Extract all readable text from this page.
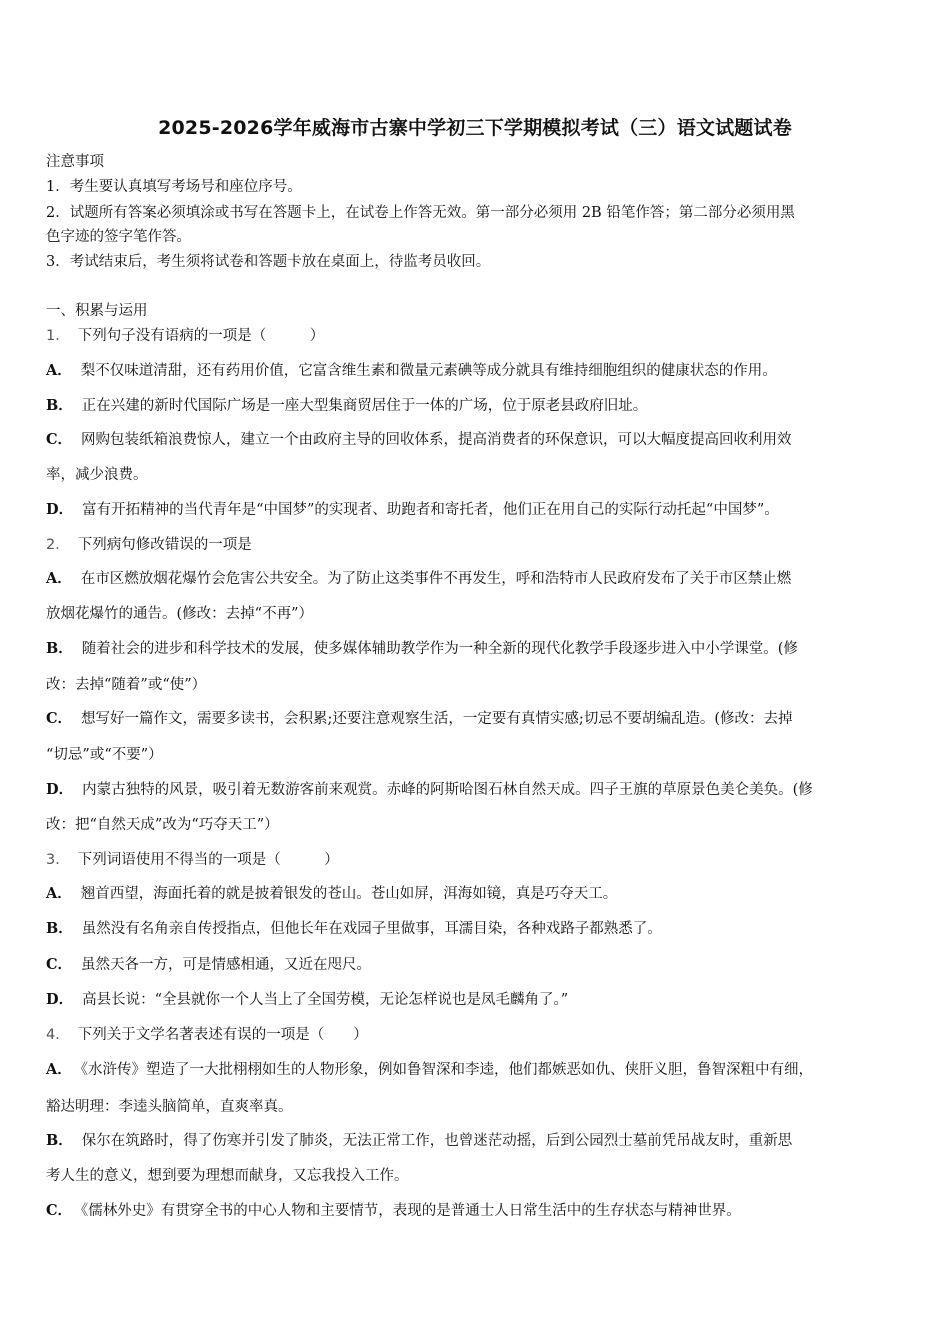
2025-2026学年威海市古寨中学初三下学期模拟考试（三）语文试题试卷
注意事项
1．考生要认真填写考场号和座位序号。
2．试题所有答案必须填涂或书写在答题卡上，在试卷上作答无效。第一部分必须用 2B 铅笔作答；第二部分必须用黑
色字迹的签字笔作答。
3．考试结束后，考生须将试卷和答题卡放在桌面上，待监考员收回。
一、积累与运用
1． 下列句子没有语病的一项是（　　　）
A． 梨不仅味道清甜，还有药用价值，它富含维生素和微量元素碘等成分就具有维持细胞组织的健康状态的作用。
B． 正在兴建的新时代国际广场是一座大型集商贸居住于一体的广场，位于原老县政府旧址。
C． 网购包装纸箱浪费惊人，建立一个由政府主导的回收体系，提高消费者的环保意识，可以大幅度提高回收利用效
率，减少浪费。
D． 富有开拓精神的当代青年是“中国梦”的实现者、助跑者和寄托者，他们正在用自己的实际行动托起“中国梦”。
2． 下列病句修改错误的一项是
A． 在市区燃放烟花爆竹会危害公共安全。为了防止这类事件不再发生，呼和浩特市人民政府发布了关于市区禁止燃
放烟花爆竹的通告。(修改：去掉“不再”）
B． 随着社会的进步和科学技术的发展，使多媒体辅助教学作为一种全新的现代化教学手段逐步进入中小学课堂。(修
改：去掉“随着”或“使”）
C． 想写好一篇作文，需要多读书，会积累;还要注意观察生活，一定要有真情实感;切忌不要胡编乱造。(修改：去掉
“切忌”或“不要”）
D． 内蒙古独特的风景，吸引着无数游客前来观赏。赤峰的阿斯哈图石林自然天成。四子王旗的草原景色美仑美奂。(修
改：把“自然天成”改为“巧夺天工”）
3． 下列词语使用不得当的一项是（　　　）
A． 翘首西望，海面托着的就是披着银发的苍山。苍山如屏，洱海如镜，真是巧夺天工。
B． 虽然没有名角亲自传授指点，但他长年在戏园子里做事，耳濡目染，各种戏路子都熟悉了。
C． 虽然天各一方，可是情感相通，又近在咫尺。
D． 高县长说：“全县就你一个人当上了全国劳模，无论怎样说也是凤毛麟角了。”
4． 下列关于文学名著表述有误的一项是（　　）
A． 《水浒传》塑造了一大批栩栩如生的人物形象，例如鲁智深和李逵，他们都嫉恶如仇、侠肝义胆，鲁智深粗中有细，
豁达明理：李逵头脑简单，直爽率真。
B． 保尔在筑路时，得了伤寒并引发了肺炎，无法正常工作，也曾迷茫动摇，后到公园烈士墓前凭吊战友时，重新思
考人生的意义，想到要为理想而献身，又忘我投入工作。
C． 《儒林外史》有贯穿全书的中心人物和主要情节，表现的是普通士人日常生活中的生存状态与精神世界。
